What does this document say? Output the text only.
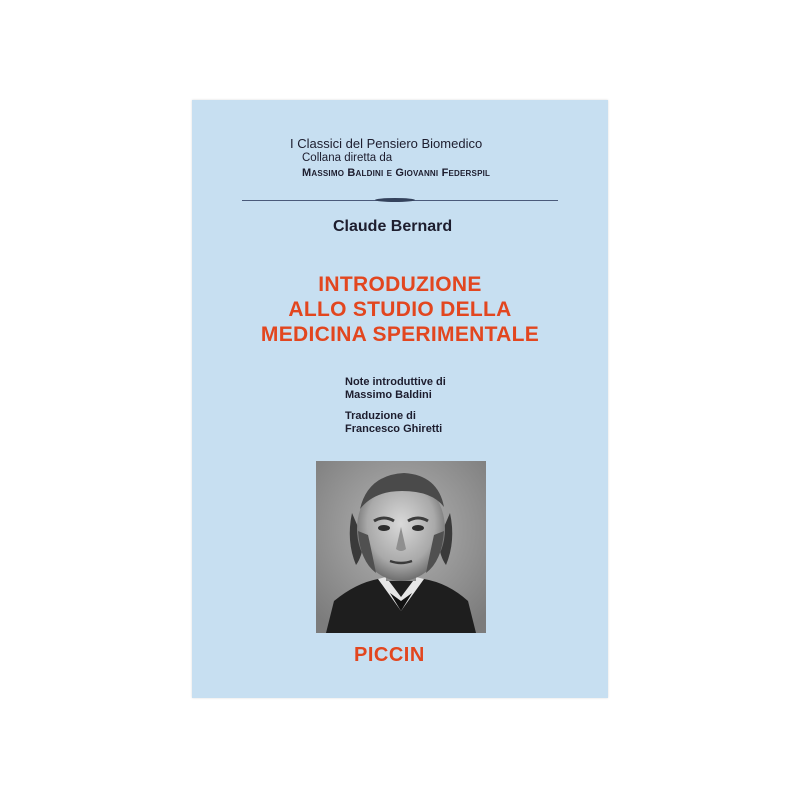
I Classici del Pensiero Biomedico
Collana diretta da
Massimo Baldini e Giovanni Federspil
Claude Bernard
INTRODUZIONE
ALLO STUDIO DELLA
MEDICINA SPERIMENTALE
Note introduttive di
Massimo Baldini
Traduzione di
Francesco Ghiretti
PICCIN
